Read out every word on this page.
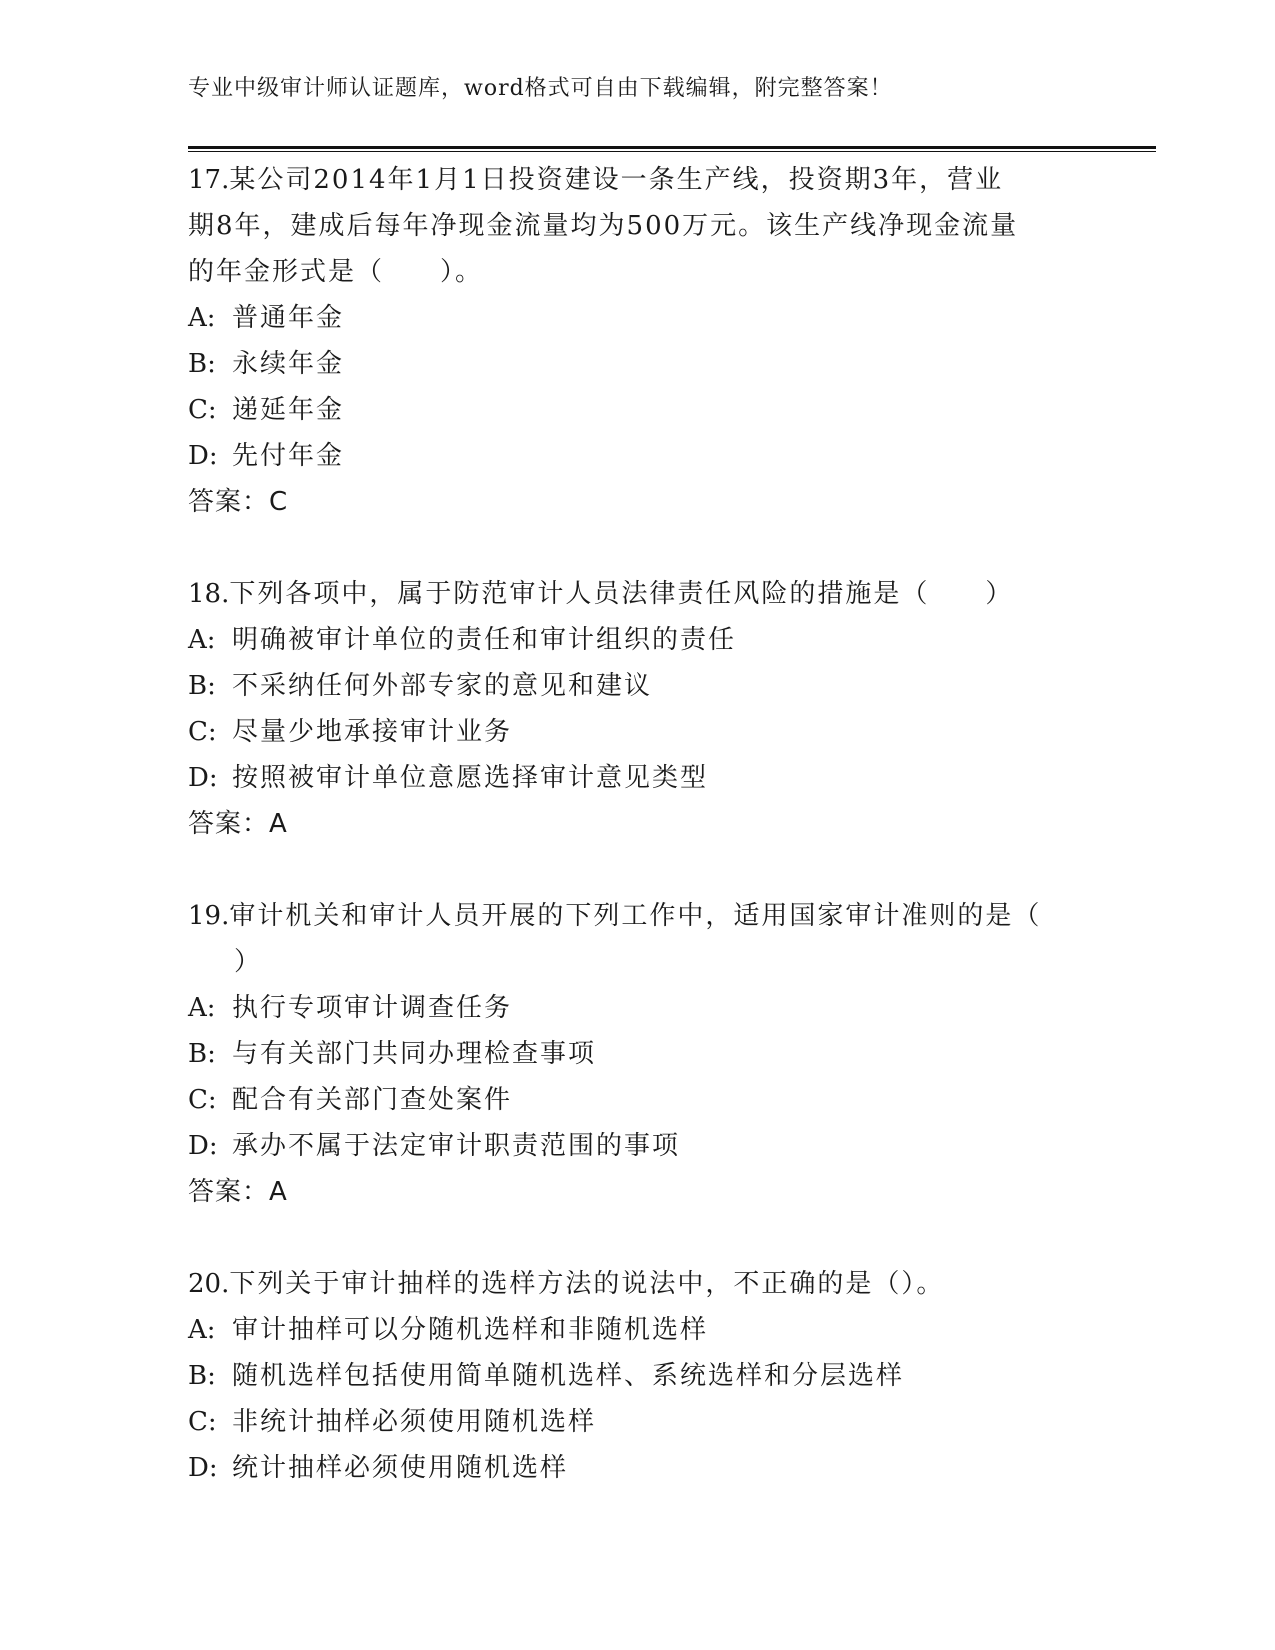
专业中级审计师认证题库，word格式可自由下载编辑，附完整答案！

17.某公司2014年1月1日投资建设一条生产线，投资期3年，营业

期8年，建成后每年净现金流量均为500万元。该生产线净现金流量

的年金形式是（　　）。

A: 普通年金

B: 永续年金

C: 递延年金

D: 先付年金

答案：C

18.下列各项中，属于防范审计人员法律责任风险的措施是（　　）

A: 明确被审计单位的责任和审计组织的责任

B: 不采纳任何外部专家的意见和建议

C: 尽量少地承接审计业务

D: 按照被审计单位意愿选择审计意见类型

答案：A

19.审计机关和审计人员开展的下列工作中，适用国家审计准则的是（

）

A: 执行专项审计调查任务

B: 与有关部门共同办理检查事项

C: 配合有关部门查处案件

D: 承办不属于法定审计职责范围的事项

答案：A

20.下列关于审计抽样的选样方法的说法中，不正确的是（）。

A: 审计抽样可以分随机选样和非随机选样

B: 随机选样包括使用简单随机选样、系统选样和分层选样

C: 非统计抽样必须使用随机选样

D: 统计抽样必须使用随机选样
